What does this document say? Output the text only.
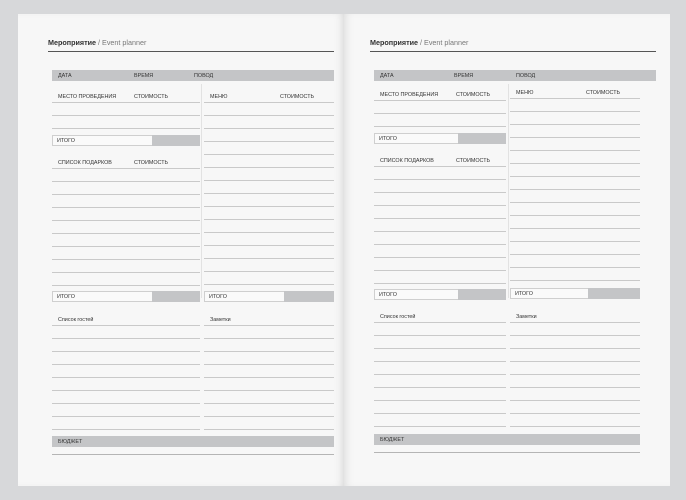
Мероприятие / Event planner
ДАТА	ВРЕМЯ	ПОВОД
МЕСТО ПРОВЕДЕНИЯ	СТОИМОСТЬ	МЕНЮ	СТОИМОСТЬ
ИТОГО
СПИСОК ПОДАРКОВ	СТОИМОСТЬ
ИТОГО	ИТОГО
Список гостей	Заметки
БЮДЖЕТ
Мероприятие / Event planner
ДАТА	ВРЕМЯ	ПОВОД
МЕСТО ПРОВЕДЕНИЯ	СТОИМОСТЬ	МЕНЮ	СТОИМОСТЬ
ИТОГО
СПИСОК ПОДАРКОВ	СТОИМОСТЬ
ИТОГО	ИТОГО
Список гостей	Заметки
БЮДЖЕТ
